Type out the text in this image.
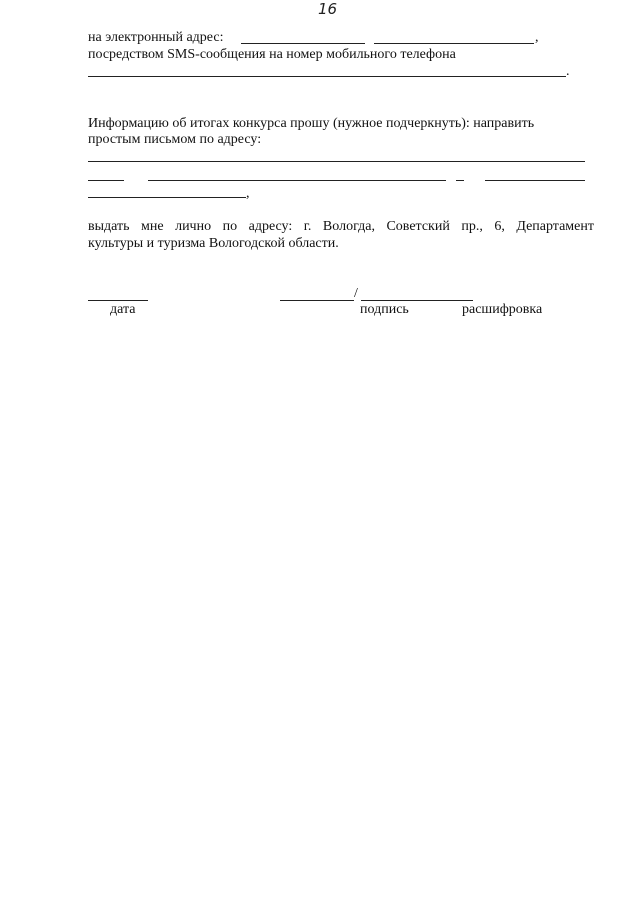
16
на электронный адрес:	,
посредством SMS-сообщения на номер мобильного телефона
.
Информацию об итогах конкурса прошу (нужное подчеркнуть): направить
простым письмом по адресу:
,
выдать мне лично по адресу: г. Вологда, Советский пр., 6, Департамент
культуры и туризма Вологодской области.
/
дата	подпись	расшифровка
